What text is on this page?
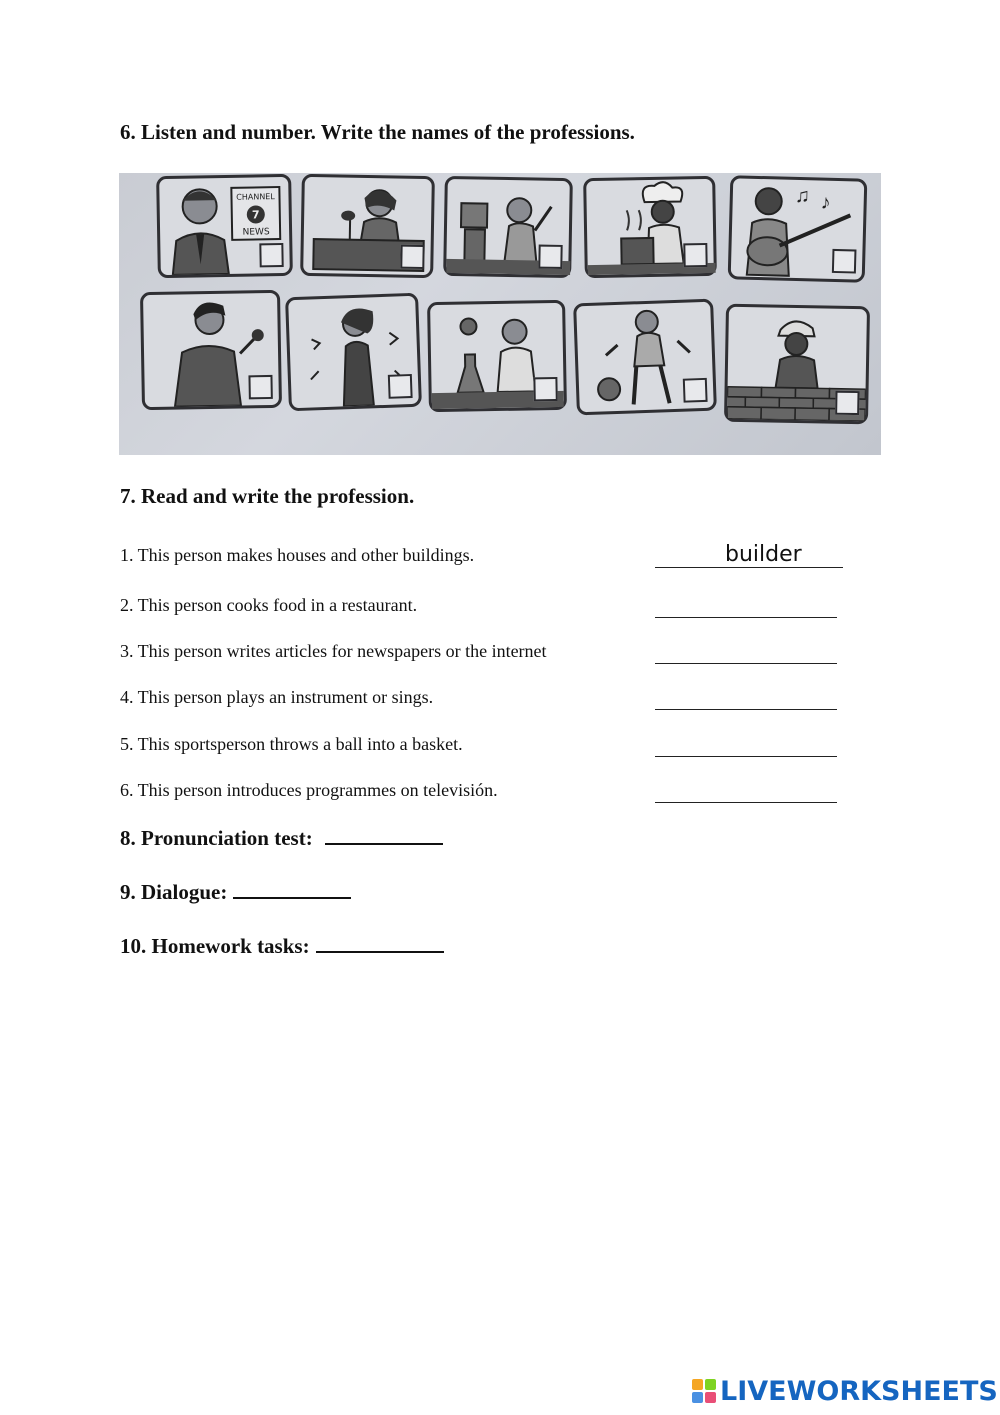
6. Listen and number. Write the names of the professions.
CHANNEL
7
NEWS
♫ ♪
7. Read and write the profession.
1. This person makes houses and other buildings.	builder
2. This person cooks food in a restaurant.
3. This person writes articles for newspapers or the internet
4. This person plays an instrument or sings.
5. This sportsperson throws a ball into a basket.
6. This person introduces programmes on televisión.
8. Pronunciation test:
9. Dialogue:
10. Homework tasks:
LIVEWORKSHEETS
